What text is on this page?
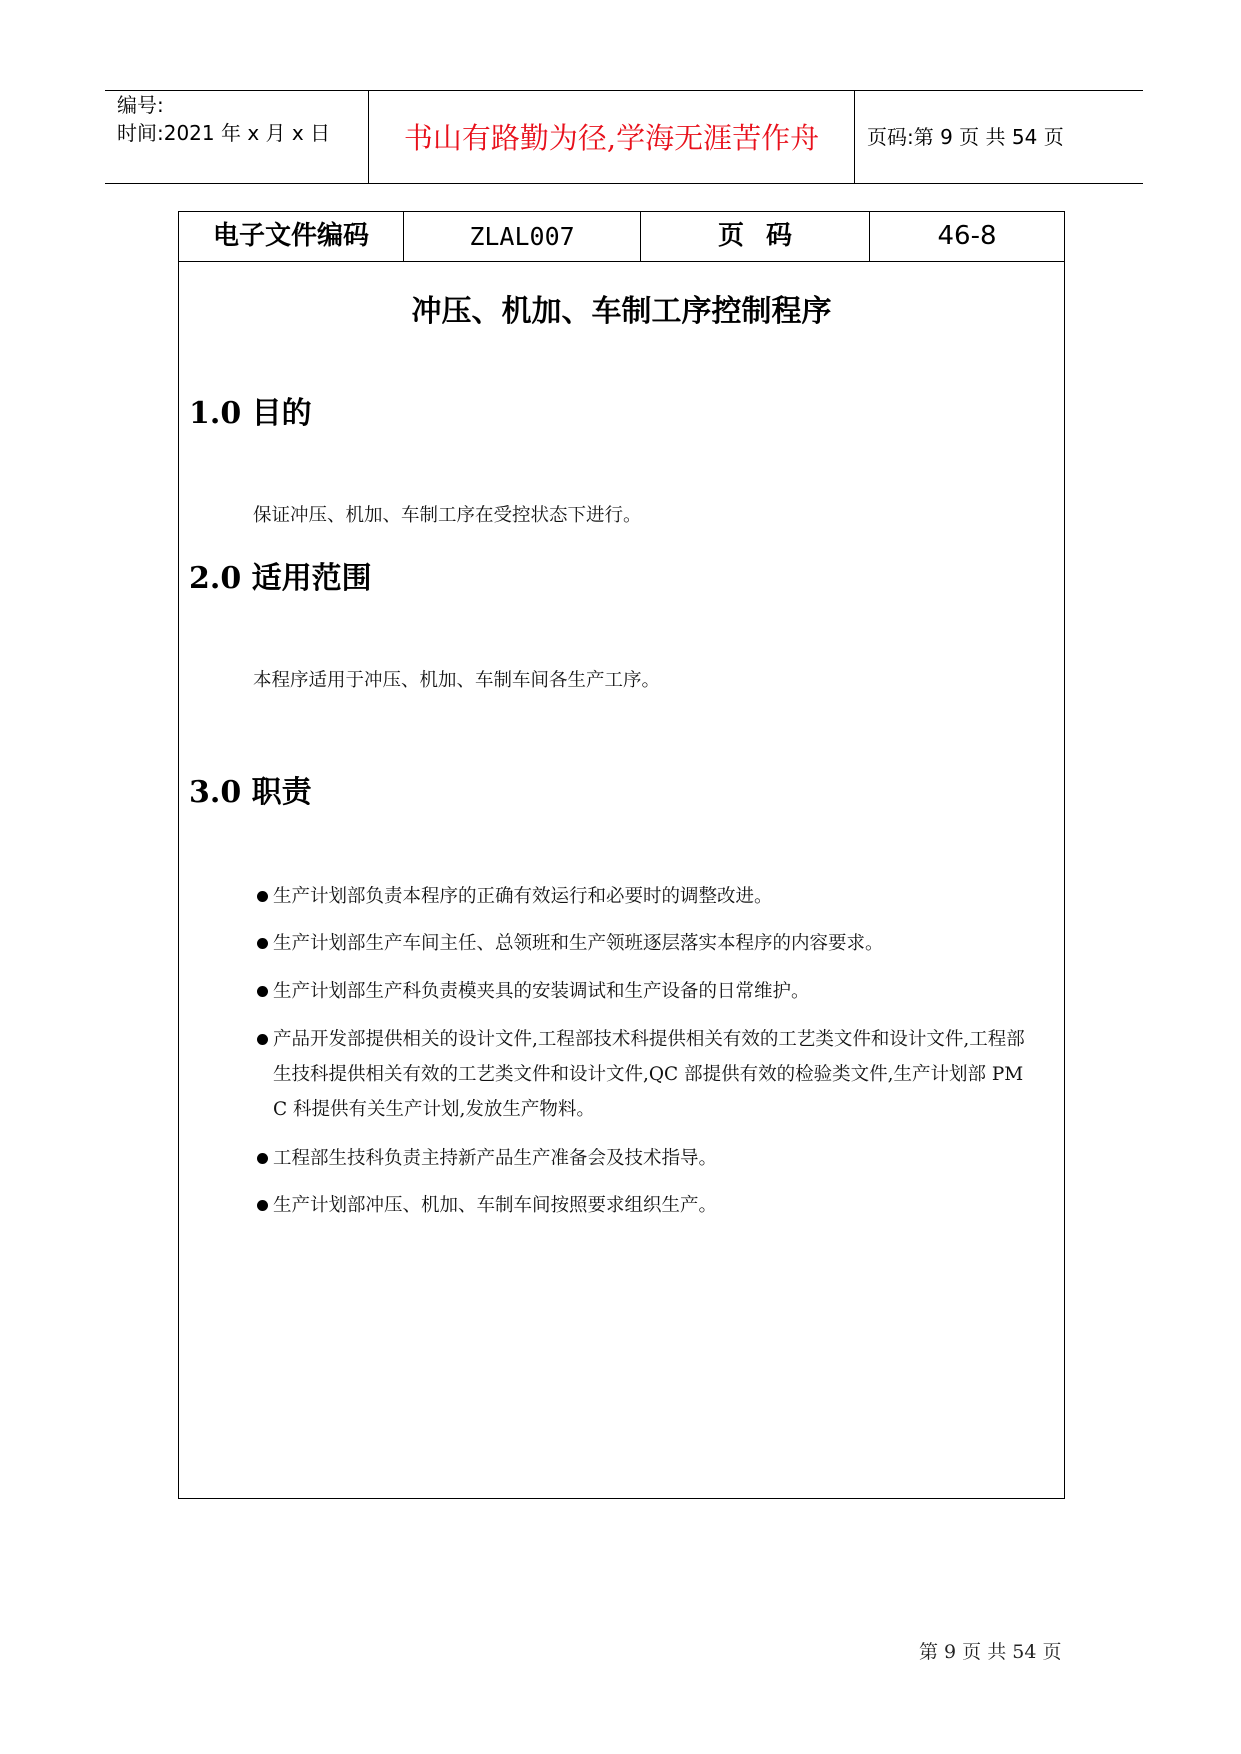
编号:
时间:2021 年 x 月 x 日	书山有路勤为径,学海无涯苦作舟	页码:第 9 页 共 54 页
电子文件编码	ZLAL007	页码	46-8
冲压、机加、车制工序控制程序
1.0 目的
保证冲压、机加、车制工序在受控状态下进行。
2.0 适用范围
本程序适用于冲压、机加、车制车间各生产工序。
3.0 职责
生产计划部负责本程序的正确有效运行和必要时的调整改进。
生产计划部生产车间主任、总领班和生产领班逐层落实本程序的内容要求。
生产计划部生产科负责模夹具的安装调试和生产设备的日常维护。
产品开发部提供相关的设计文件,工程部技术科提供相关有效的工艺类文件和设计文件,工程部生技科提供相关有效的工艺类文件和设计文件,QC 部提供有效的检验类文件,生产计划部 PMC 科提供有关生产计划,发放生产物料。
工程部生技科负责主持新产品生产准备会及技术指导。
生产计划部冲压、机加、车制车间按照要求组织生产。
第 9 页 共 54 页
